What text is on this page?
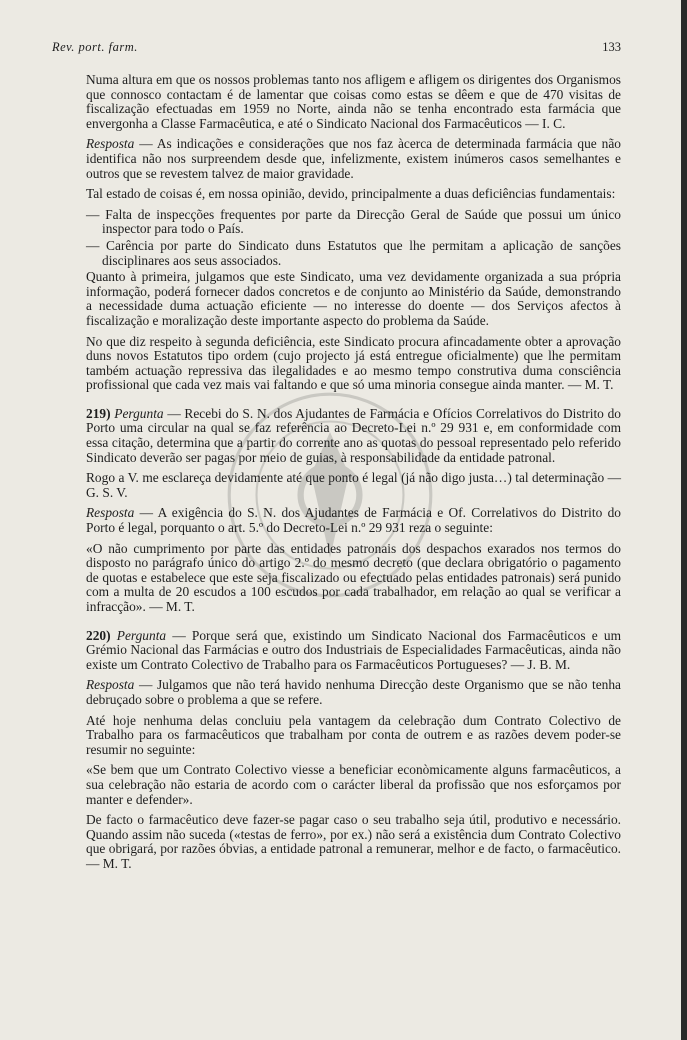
Rev. port. farm.	133

Numa altura em que os nossos problemas tanto nos afligem e afligem os dirigentes dos Organismos que connosco contactam é de lamentar que coisas como estas se dêem e que de 470 visitas de fiscalização efectuadas em 1959 no Norte, ainda não se tenha encontrado esta farmácia que envergonha a Classe Farmacêutica, e até o Sindicato Nacional dos Farmacêuticos — I. C.

Resposta — As indicações e considerações que nos faz àcerca de determinada farmácia que não identifica não nos surpreendem desde que, infelizmente, existem inúmeros casos semelhantes e outros que se revestem talvez de maior gravidade.

Tal estado de coisas é, em nossa opinião, devido, principalmente a duas deficiências fundamentais:

— Falta de inspecções frequentes por parte da Direcção Geral de Saúde que possui um único inspector para todo o País.

— Carência por parte do Sindicato duns Estatutos que lhe permitam a aplicação de sanções disciplinares aos seus associados.

Quanto à primeira, julgamos que este Sindicato, uma vez devidamente organizada a sua própria informação, poderá fornecer dados concretos e de conjunto ao Ministério da Saúde, demonstrando a necessidade duma actuação eficiente — no interesse do doente — dos Serviços afectos à fiscalização e moralização deste importante aspecto do problema da Saúde.

No que diz respeito à segunda deficiência, este Sindicato procura afincadamente obter a aprovação duns novos Estatutos tipo ordem (cujo projecto já está entregue oficialmente) que lhe permitam também actuação repressiva das ilegalidades e ao mesmo tempo construtiva duma consciência profissional que cada vez mais vai faltando e que só uma minoria consegue ainda manter. — M. T.

219) Pergunta — Recebi do S. N. dos Ajudantes de Farmácia e Ofícios Correlativos do Distrito do Porto uma circular na qual se faz referência ao Decreto-Lei n.º 29 931 e, em conformidade com essa citação, determina que a partir do corrente ano as quotas do pessoal representado pelo referido Sindicato deverão ser pagas por meio de guias, à responsabilidade da entidade patronal.

Rogo a V. me esclareça devidamente até que ponto é legal (já não digo justa…) tal determinação — G. S. V.

Resposta — A exigência do S. N. dos Ajudantes de Farmácia e Of. Correlativos do Distrito do Porto é legal, porquanto o art. 5.º do Decreto-Lei n.º 29 931 reza o seguinte:

«O não cumprimento por parte das entidades patronais dos despachos exarados nos termos do disposto no parágrafo único do artigo 2.º do mesmo decreto (que declara obrigatório o pagamento de quotas e estabelece que este seja fiscalizado ou efectuado pelas entidades patronais) será punido com a multa de 20 escudos a 100 escudos por cada trabalhador, em relação ao qual se verificar a infracção». — M. T.

220) Pergunta — Porque será que, existindo um Sindicato Nacional dos Farmacêuticos e um Grémio Nacional das Farmácias e outro dos Industriais de Especialidades Farmacêuticas, ainda não existe um Contrato Colectivo de Trabalho para os Farmacêuticos Portugueses? — J. B. M.

Resposta — Julgamos que não terá havido nenhuma Direcção deste Organismo que se não tenha debruçado sobre o problema a que se refere.

Até hoje nenhuma delas concluiu pela vantagem da celebração dum Contrato Colectivo de Trabalho para os farmacêuticos que trabalham por conta de outrem e as razões devem poder-se resumir no seguinte:

«Se bem que um Contrato Colectivo viesse a beneficiar econòmicamente alguns farmacêuticos, a sua celebração não estaria de acordo com o carácter liberal da profissão que nos esforçamos por manter e defender».

De facto o farmacêutico deve fazer-se pagar caso o seu trabalho seja útil, produtivo e necessário. Quando assim não suceda («testas de ferro», por ex.) não será a existência dum Contrato Colectivo que obrigará, por razões óbvias, a entidade patronal a remunerar, melhor e de facto, o farmacêutico. — M. T.
